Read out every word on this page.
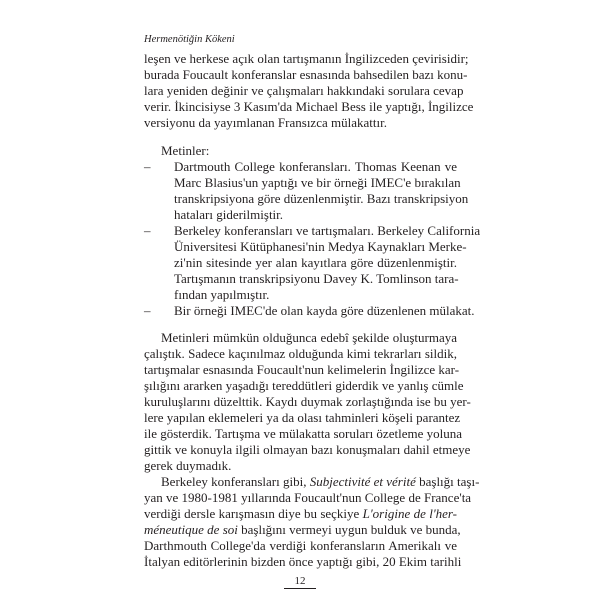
Hermenötiğin Kökeni
leşen ve herkese açık olan tartışmanın İngilizceden çevirisidir;
burada Foucault konferanslar esnasında bahsedilen bazı konu-
lara yeniden değinir ve çalışmaları hakkındaki sorulara cevap
verir. İkincisiyse 3 Kasım'da Michael Bess ile yaptığı, İngilizce
versiyonu da yayımlanan Fransızca mülakattır.
Metinler:
– Dartmouth College konferansları. Thomas Keenan ve
Marc Blasius'un yaptığı ve bir örneği IMEC'e bırakılan
transkripsiyona göre düzenlenmiştir. Bazı transkripsiyon
hataları giderilmiştir.
– Berkeley konferansları ve tartışmaları. Berkeley California
Üniversitesi Kütüphanesi'nin Medya Kaynakları Merke-
zi'nin sitesinde yer alan kayıtlara göre düzenlenmiştir.
Tartışmanın transkripsiyonu Davey K. Tomlinson tara-
fından yapılmıştır.
– Bir örneği IMEC'de olan kayda göre düzenlenen mülakat.
Metinleri mümkün olduğunca edebî şekilde oluşturmaya
çalıştık. Sadece kaçınılmaz olduğunda kimi tekrarları sildik,
tartışmalar esnasında Foucault'nun kelimelerin İngilizce kar-
şılığını ararken yaşadığı tereddütleri giderdik ve yanlış cümle
kuruluşlarını düzelttik. Kaydı duymak zorlaştığında ise bu yer-
lere yapılan eklemeleri ya da olası tahminleri köşeli parantez
ile gösterdik. Tartışma ve mülakatta soruları özetleme yoluna
gittik ve konuyla ilgili olmayan bazı konuşmaları dahil etmeye
gerek duymadık.
Berkeley konferansları gibi, Subjectivité et vérité başlığı taşı-
yan ve 1980-1981 yıllarında Foucault'nun College de France'ta
verdiği dersle karışmasın diye bu seçkiye L'origine de l'her-
méneutique de soi başlığını vermeyi uygun bulduk ve bunda,
Darthmouth College'da verdiği konferansların Amerikalı ve
İtalyan editörlerinin bizden önce yaptığı gibi, 20 Ekim tarihli
12
